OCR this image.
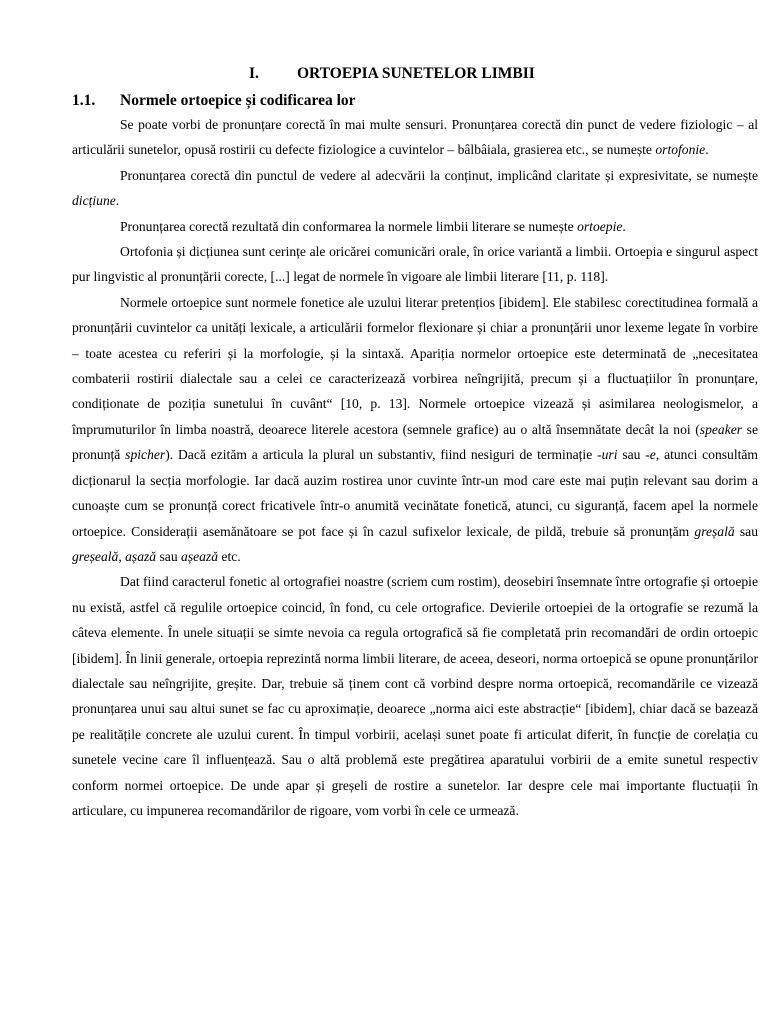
I. ORTOEPIA SUNETELOR LIMBII
1.1. Normele ortoepice și codificarea lor

Se poate vorbi de pronunțare corectă în mai multe sensuri. Pronunțarea corectă din punct de vedere fiziologic – al articulării sunetelor, opusă rostirii cu defecte fiziologice a cuvintelor – bâlbâiala, grasierea etc., se numește ortofonie.

Pronunțarea corectă din punctul de vedere al adecvării la conținut, implicând claritate și expresivitate, se numește dicțiune.

Pronunțarea corectă rezultată din conformarea la normele limbii literare se numește ortoepie.

Ortofonia și dicțiunea sunt cerințe ale oricărei comunicări orale, în orice variantă a limbii. Ortoepia e singurul aspect pur lingvistic al pronunțării corecte, [...] legat de normele în vigoare ale limbii literare [11, p. 118].

Normele ortoepice sunt normele fonetice ale uzului literar pretențios [ibidem]. Ele stabilesc corectitudinea formală a pronunțării cuvintelor ca unități lexicale, a articulării formelor flexionare și chiar a pronunțării unor lexeme legate în vorbire – toate acestea cu referiri și la morfologie, și la sintaxă. Apariția normelor ortoepice este determinată de „necesitatea combaterii rostirii dialectale sau a celei ce caracterizează vorbirea neîngrijită, precum și a fluctuațiilor în pronunțare, condiționate de poziția sunetului în cuvânt“ [10, p. 13]. Normele ortoepice vizează și asimilarea neologismelor, a împrumuturilor în limba noastră, deoarece literele acestora (semnele grafice) au o altă însemnătate decât la noi (speaker se pronunță spicher). Dacă ezităm a articula la plural un substantiv, fiind nesiguri de terminație -uri sau -e, atunci consultăm dicționarul la secția morfologie. Iar dacă auzim rostirea unor cuvinte într-un mod care este mai puțin relevant sau dorim a cunoaște cum se pronunță corect fricativele într-o anumită vecinătate fonetică, atunci, cu siguranță, facem apel la normele ortoepice. Considerații asemănătoare se pot face și în cazul sufixelor lexicale, de pildă, trebuie să pronunțăm greșală sau greșeală, așază sau așează etc.

Dat fiind caracterul fonetic al ortografiei noastre (scriem cum rostim), deosebiri însemnate între ortografie și ortoepie nu există, astfel că regulile ortoepice coincid, în fond, cu cele ortografice. Devierile ortoepiei de la ortografie se rezumă la câteva elemente. În unele situații se simte nevoia ca regula ortografică să fie completată prin recomandări de ordin ortoepic [ibidem]. În linii generale, ortoepia reprezintă norma limbii literare, de aceea, deseori, norma ortoepică se opune pronunțărilor dialectale sau neîngrijite, greșite. Dar, trebuie să ținem cont că vorbind despre norma ortoepică, recomandările ce vizează pronunțarea unui sau altui sunet se fac cu aproximație, deoarece „norma aici este abstracție“ [ibidem], chiar dacă se bazează pe realitățile concrete ale uzului curent. În timpul vorbirii, același sunet poate fi articulat diferit, în funcție de corelația cu sunetele vecine care îl influențează. Sau o altă problemă este pregătirea aparatului vorbirii de a emite sunetul respectiv conform normei ortoepice. De unde apar și greșeli de rostire a sunetelor. Iar despre cele mai importante fluctuații în articulare, cu impunerea recomandărilor de rigoare, vom vorbi în cele ce urmează.
